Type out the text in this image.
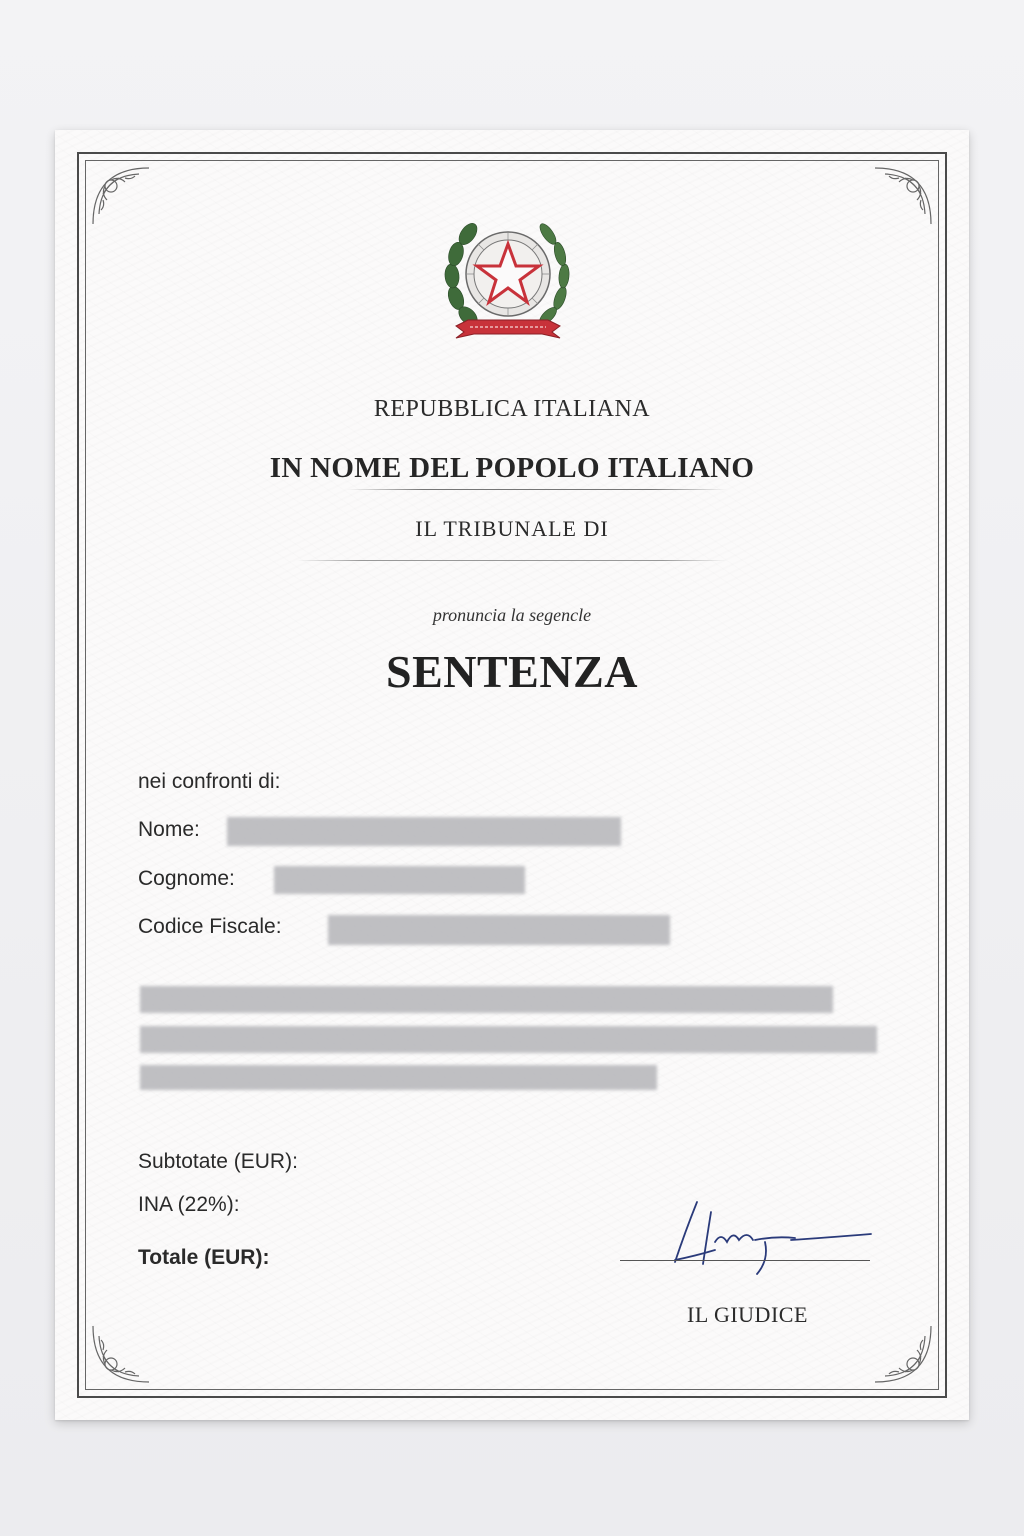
REPUBBLICA ITALIANA
IN NOME DEL POPOLO ITALIANO
IL TRIBUNALE DI
pronuncia la segencle
SENTENZA
nei confronti di:
Nome:
Cognome:
Codice Fiscale:
Subtotate (EUR):
INA (22%):
Totale (EUR):
IL GIUDICE
